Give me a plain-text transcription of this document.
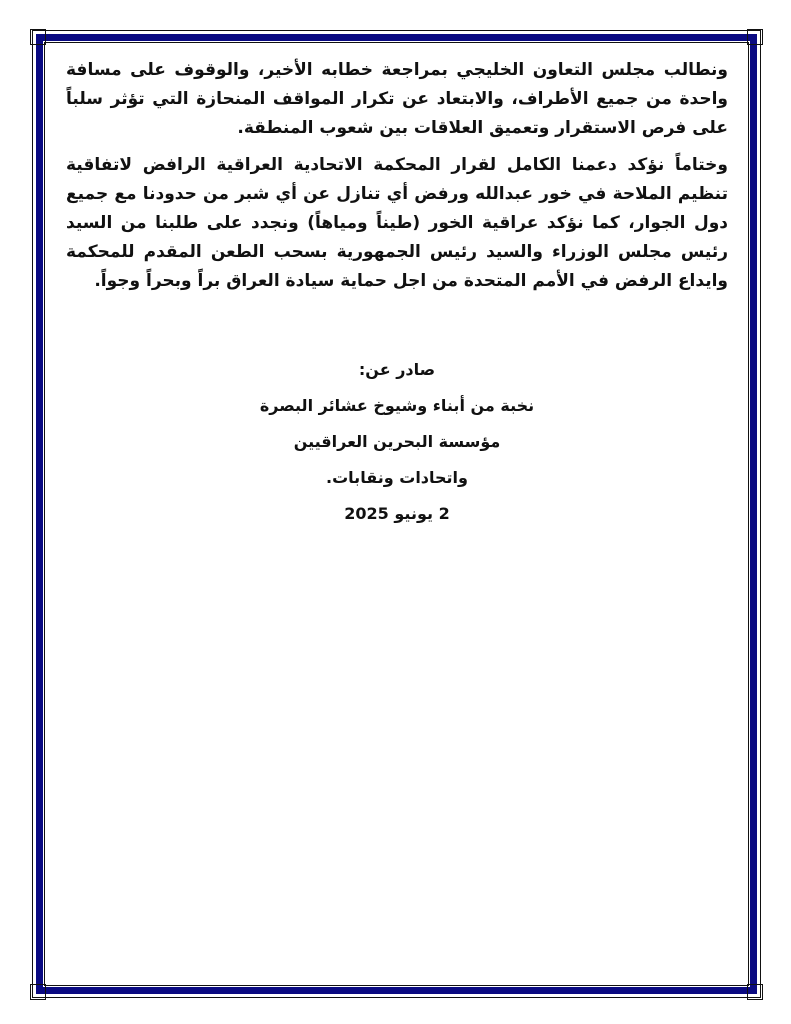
ونطالب مجلس التعاون الخليجي بمراجعة خطابه الأخير، والوقوف على مسافة واحدة من جميع الأطراف، والابتعاد عن تكرار المواقف المنحازة التي تؤثر سلباً على فرص الاستقرار وتعميق العلاقات بين شعوب المنطقة.

وختاماً نؤكد دعمنا الكامل لقرار المحكمة الاتحادية العراقية الرافض لاتفاقية تنظيم الملاحة في خور عبدالله ورفض أي تنازل عن أي شبر من حدودنا مع جميع دول الجوار، كما نؤكد عراقية الخور (طيناً ومياهاً) ونجدد على طلبنا من السيد رئيس مجلس الوزراء والسيد رئيس الجمهورية بسحب الطعن المقدم للمحكمة وايداع الرفض في الأمم المتحدة من اجل حماية سيادة العراق براً وبحراً وجواً.

صادر عن:
نخبة من أبناء وشيوخ عشائر البصرة
مؤسسة البحرين العراقيين
واتحادات ونقابات.
2 يونيو 2025
